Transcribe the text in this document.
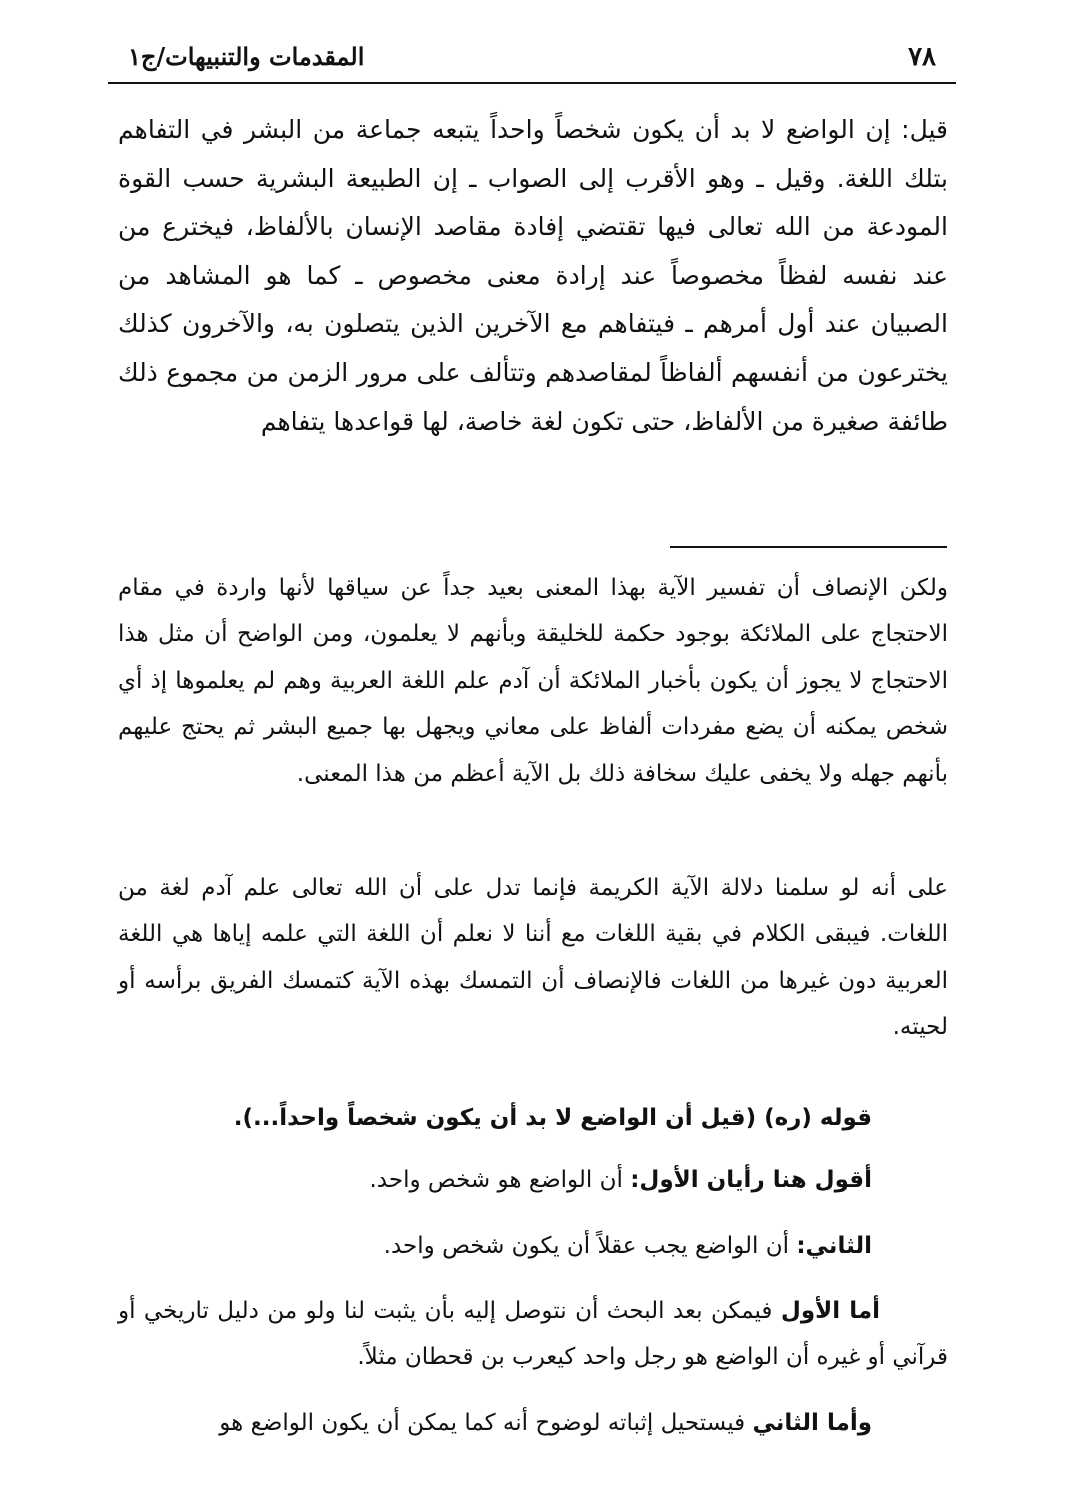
٧٨
المقدمات والتنبيهات/ج١

قيل: إن الواضع لا بد أن يكون شخصاً واحداً يتبعه جماعة من البشر في التفاهم بتلك اللغة. وقيل ـ وهو الأقرب إلى الصواب ـ إن الطبيعة البشرية حسب القوة المودعة من الله تعالى فيها تقتضي إفادة مقاصد الإنسان بالألفاظ، فيخترع من عند نفسه لفظاً مخصوصاً عند إرادة معنى مخصوص ـ كما هو المشاهد من الصبيان عند أول أمرهم ـ فيتفاهم مع الآخرين الذين يتصلون به، والآخرون كذلك يخترعون من أنفسهم ألفاظاً لمقاصدهم وتتألف على مرور الزمن من مجموع ذلك طائفة صغيرة من الألفاظ، حتى تكون لغة خاصة، لها قواعدها يتفاهم

ولكن الإنصاف أن تفسير الآية بهذا المعنى بعيد جداً عن سياقها لأنها واردة في مقام الاحتجاج على الملائكة بوجود حكمة للخليقة وبأنهم لا يعلمون، ومن الواضح أن مثل هذا الاحتجاج لا يجوز أن يكون بأخبار الملائكة أن آدم علم اللغة العربية وهم لم يعلموها إذ أي شخص يمكنه أن يضع مفردات ألفاظ على معاني ويجهل بها جميع البشر ثم يحتج عليهم بأنهم جهله ولا يخفى عليك سخافة ذلك بل الآية أعظم من هذا المعنى.

على أنه لو سلمنا دلالة الآية الكريمة فإنما تدل على أن الله تعالى علم آدم لغة من اللغات. فيبقى الكلام في بقية اللغات مع أننا لا نعلم أن اللغة التي علمه إياها هي اللغة العربية دون غيرها من اللغات فالإنصاف أن التمسك بهذه الآية كتمسك الفريق برأسه أو لحيته.

قوله (ره) (قيل أن الواضع لا بد أن يكون شخصاً واحداً...).

أقول هنا رأيان الأول: أن الواضع هو شخص واحد.

الثاني: أن الواضع يجب عقلاً أن يكون شخص واحد.

أما الأول فيمكن بعد البحث أن نتوصل إليه بأن يثبت لنا ولو من دليل تاريخي أو قرآني أو غيره أن الواضع هو رجل واحد كيعرب بن قحطان مثلاً.

وأما الثاني فيستحيل إثباته لوضوح أنه كما يمكن أن يكون الواضع هو
